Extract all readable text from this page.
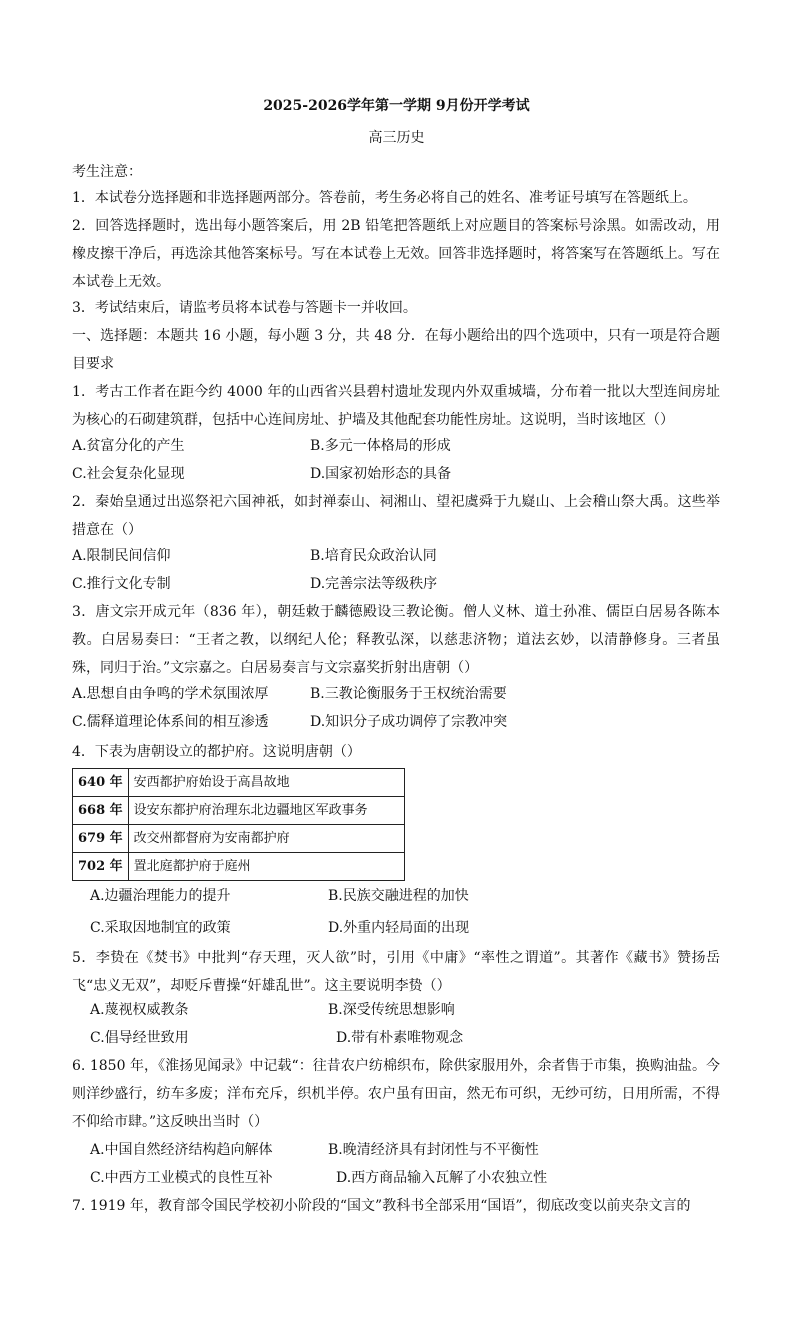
2025-2026学年第一学期 9月份开学考试
高三历史

考生注意：

1．本试卷分选择题和非选择题两部分。答卷前，考生务必将自己的姓名、准考证号填写在答题纸上。

2．回答选择题时，选出每小题答案后，用 2B 铅笔把答题纸上对应题目的答案标号涂黑。如需改动，用橡皮擦干净后，再选涂其他答案标号。写在本试卷上无效。回答非选择题时，将答案写在答题纸上。写在本试卷上无效。

3．考试结束后，请监考员将本试卷与答题卡一并收回。

一、选择题：本题共 16 小题，每小题 3 分，共 48 分．在每小题给出的四个选项中，只有一项是符合题目要求

1．考古工作者在距今约 4000 年的山西省兴县碧村遗址发现内外双重城墙，分布着一批以大型连间房址为核心的石砌建筑群，包括中心连间房址、护墙及其他配套功能性房址。这说明，当时该地区（）

A.贫富分化的产生	B.多元一体格局的形成
C.社会复杂化显现	D.国家初始形态的具备

2．秦始皇通过出巡祭祀六国神祇，如封禅泰山、祠湘山、望祀虞舜于九嶷山、上会稽山祭大禹。这些举措意在（）

A.限制民间信仰	B.培育民众政治认同
C.推行文化专制	D.完善宗法等级秩序

3．唐文宗开成元年（836 年），朝廷敕于麟德殿设三教论衡。僧人义林、道士孙准、儒臣白居易各陈本教。白居易奏曰：“王者之教，以纲纪人伦；释教弘深，以慈悲济物；道法玄妙，以清静修身。三者虽殊，同归于治。”文宗嘉之。白居易奏言与文宗嘉奖折射出唐朝（）

A.思想自由争鸣的学术氛围浓厚	B.三教论衡服务于王权统治需要
C.儒释道理论体系间的相互渗透	D.知识分子成功调停了宗教冲突

4．下表为唐朝设立的都护府。这说明唐朝（）

640 年	安西都护府始设于高昌故地
668 年	设安东都护府治理东北边疆地区军政事务
679 年	改交州都督府为安南都护府
702 年	置北庭都护府于庭州
A.边疆治理能力的提升	B.民族交融进程的加快
C.采取因地制宜的政策	D.外重内轻局面的出现

5．李贽在《焚书》中批判“存天理，灭人欲”时，引用《中庸》“率性之谓道”。其著作《藏书》赞扬岳飞“忠义无双”，却贬斥曹操“奸雄乱世”。这主要说明李贽（）

A.蔑视权威教条	B.深受传统思想影响
C.倡导经世致用	D.带有朴素唯物观念

6. 1850 年，《淮扬见闻录》中记载“：往昔农户纺棉织布，除供家服用外，余者售于市集，换购油盐。今则洋纱盛行，纺车多废；洋布充斥，织机半停。农户虽有田亩，然无布可织，无纱可纺，日用所需，不得不仰给市肆。”这反映出当时（）

A.中国自然经济结构趋向解体	B.晚清经济具有封闭性与不平衡性
C.中西方工业模式的良性互补	D.西方商品输入瓦解了小农独立性

7. 1919 年，教育部令国民学校初小阶段的“国文”教科书全部采用“国语”，彻底改变以前夹杂文言的
